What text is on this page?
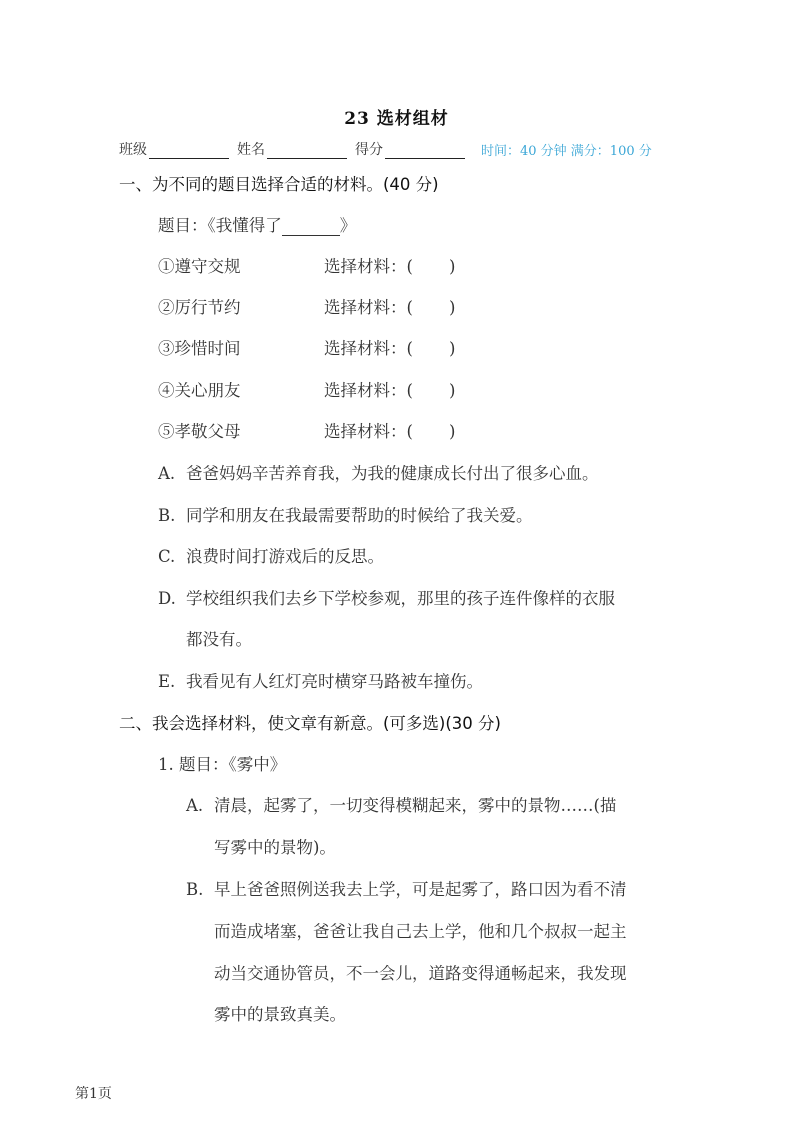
23 选材组材
班级	姓名	得分	时间：40 分钟 满分：100 分
一、为不同的题目选择合适的材料。(40 分)
题目：《我懂得了	》
①遵守交规	选择材料：( )
②厉行节约	选择材料：( )
③珍惜时间	选择材料：( )
④关心朋友	选择材料：( )
⑤孝敬父母	选择材料：( )
A. 爸爸妈妈辛苦养育我，为我的健康成长付出了很多心血。
B. 同学和朋友在我最需要帮助的时候给了我关爱。
C. 浪费时间打游戏后的反思。
D. 学校组织我们去乡下学校参观，那里的孩子连件像样的衣服
都没有。
E. 我看见有人红灯亮时横穿马路被车撞伤。
二、我会选择材料，使文章有新意。(可多选)(30 分)
1. 题目：《雾中》
A. 清晨，起雾了，一切变得模糊起来，雾中的景物……(描
写雾中的景物)。
B. 早上爸爸照例送我去上学，可是起雾了，路口因为看不清
而造成堵塞，爸爸让我自己去上学，他和几个叔叔一起主
动当交通协管员，不一会儿，道路变得通畅起来，我发现
雾中的景致真美。
第1页
